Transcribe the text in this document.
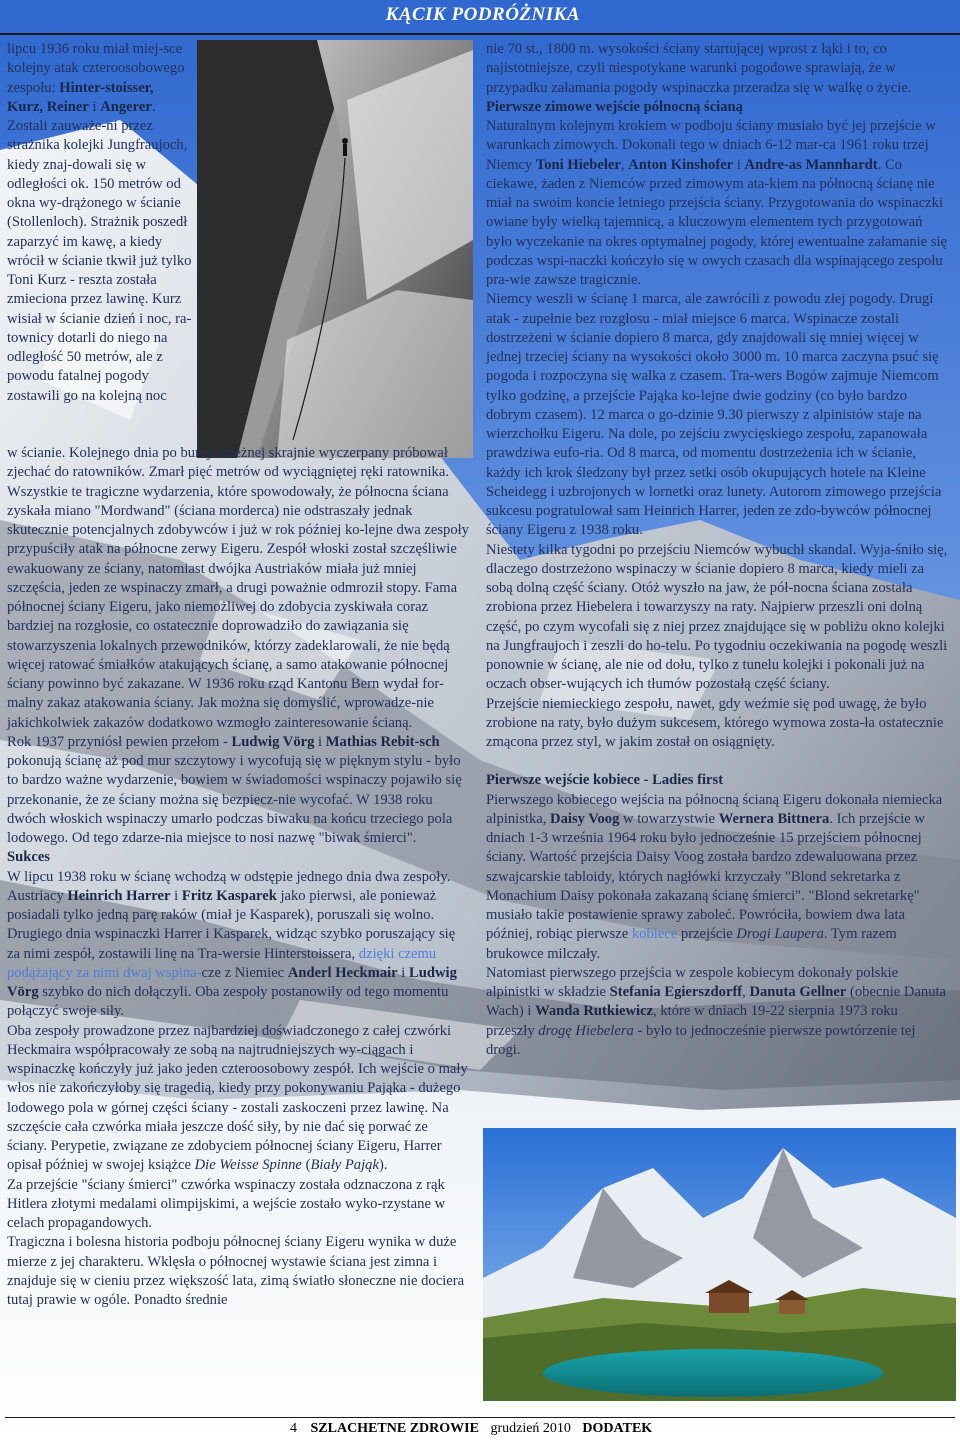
KĄCIK PODRÓŻNIKA

lipcu 1936 roku miał miej-sce kolejny atak czteroosobowego zespołu: Hinter-stoisser, Kurz, Reiner i Angerer. Zostali zauważe-ni przez strażnika kolejki Jungfraujoch, kiedy znaj-dowali się w odległości ok. 150 metrów od okna wy-drążonego w ścianie (Stollenloch). Strażnik poszedł zaparzyć im kawę, a kiedy wrócił w ścianie tkwił już tylko Toni Kurz - reszta została zmieciona przez lawinę. Kurz wisiał w ścianie dzień i noc, ra-townicy dotarli do niego na odległość 50 metrów, ale z powodu fatalnej pogody zostawili go na kolejną noc

w ścianie. Kolejnego dnia po burzy śnieżnej skrajnie wyczerpany próbował zjechać do ratowników. Zmarł pięć metrów od wyciągniętej ręki ratownika.

Wszystkie te tragiczne wydarzenia, które spowodowały, że północna ściana zyskała miano "Mordwand" (ściana morderca) nie odstraszały jednak skutecznie potencjalnych zdobywców i już w rok później ko-lejne dwa zespoły przypuściły atak na północne zerwy Eigeru. Zespół włoski został szczęśliwie ewakuowany ze ściany, natomiast dwójka Austriaków miała już mniej szczęścia, jeden ze wspinaczy zmarł, a drugi poważnie odmroził stopy. Fama północnej ściany Eigeru, jako niemożliwej do zdobycia zyskiwała coraz bardziej na rozgłosie, co ostatecznie doprowadziło do zawiązania się stowarzyszenia lokalnych przewodników, którzy zadeklarowali, że nie będą więcej ratować śmiałków atakujących ścianę, a samo atakowanie północnej ściany powinno być zakazane. W 1936 roku rząd Kantonu Bern wydał for-malny zakaz atakowania ściany. Jak można się domyślić, wprowadze-nie jakichkolwiek zakazów dodatkowo wzmogło zainteresowanie ścianą.

Rok 1937 przyniósł pewien przełom - Ludwig Vörg i Mathias Rebit-sch pokonują ścianę aż pod mur szczytowy i wycofują się w pięknym stylu - było to bardzo ważne wydarzenie, bowiem w świadomości wspinaczy pojawiło się przekonanie, że ze ściany można się bezpiecz-nie wycofać. W 1938 roku dwóch włoskich wspinaczy umarło podczas biwaku na końcu trzeciego pola lodowego. Od tego zdarze-nia miejsce to nosi nazwę "biwak śmierci".

Sukces

W lipcu 1938 roku w ścianę wchodzą w odstępie jednego dnia dwa zespoły. Austriacy Heinrich Harrer i Fritz Kasparek jako pierwsi, ale ponieważ posiadali tylko jedną parę raków (miał je Kasparek), poruszali się wolno. Drugiego dnia wspinaczki Harrer i Kasparek, widząc szybko poruszający się za nimi zespół, zostawili linę na Tra-wersie Hinterstoissera, dzięki czemu podążający za nimi dwaj wspina-cze z Niemiec Anderl Heckmair i Ludwig Vörg szybko do nich dołączyli. Oba zespoły postanowiły od tego momentu połączyć swoje siły.

Oba zespoły prowadzone przez najbardziej doświadczonego z całej czwórki Heckmaira współpracowały ze sobą na najtrudniejszych wy-ciągach i wspinaczkę kończyły już jako jeden czteroosobowy zespół. Ich wejście o mały włos nie zakończyłoby się tragedią, kiedy przy pokonywaniu Pająka - dużego lodowego pola w górnej części ściany - zostali zaskoczeni przez lawinę. Na szczęście cała czwórka miała jeszcze dość siły, by nie dać się porwać ze ściany. Perypetie, związane ze zdobyciem północnej ściany Eigeru, Harrer opisał później w swojej książce Die Weisse Spinne (Biały Pająk).

Za przejście "ściany śmierci" czwórka wspinaczy została odznaczona z rąk Hitlera złotymi medalami olimpijskimi, a wejście zostało wyko-rzystane w celach propagandowych.

Tragiczna i bolesna historia podboju północnej ściany Eigeru wynika w duże mierze z jej charakteru. Wklęsła o północnej wystawie ściana jest zimna i znajduje się w cieniu przez większość lata, zimą światło słoneczne nie dociera tutaj prawie w ogóle. Ponadto średnie

nie 70 st., 1800 m. wysokości ściany startującej wprost z łąki i to, co najistotniejsze, czyli niespotykane warunki pogodowe sprawiają, że w przypadku załamania pogody wspinaczka przeradza się w walkę o życie.

Pierwsze zimowe wejście północną ścianą

Naturalnym kolejnym krokiem w podboju ściany musiało być jej przejście w warunkach zimowych. Dokonali tego w dniach 6-12 mar-ca 1961 roku trzej Niemcy Toni Hiebeler, Anton Kinshofer i Andre-as Mannhardt. Co ciekawe, żaden z Niemców przed zimowym ata-kiem na północną ścianę nie miał na swoim koncie letniego przejścia ściany. Przygotowania do wspinaczki owiane były wielką tajemnicą, a kluczowym elementem tych przygotowań było wyczekanie na okres optymalnej pogody, której ewentualne załamanie się podczas wspi-naczki kończyło się w owych czasach dla wspinającego zespołu pra-wie zawsze tragicznie.

Niemcy weszli w ścianę 1 marca, ale zawrócili z powodu złej pogody. Drugi atak - zupełnie bez rozgłosu - miał miejsce 6 marca. Wspinacze zostali dostrzeżeni w ścianie dopiero 8 marca, gdy znajdowali się mniej więcej w jednej trzeciej ściany na wysokości około 3000 m. 10 marca zaczyna psuć się pogoda i rozpoczyna się walka z czasem. Tra-wers Bogów zajmuje Niemcom tylko godzinę, a przejście Pająka ko-lejne dwie godziny (co było bardzo dobrym czasem). 12 marca o go-dzinie 9.30 pierwszy z alpinistów staje na wierzchołku Eigeru. Na dole, po zejściu zwycięskiego zespołu, zapanowała prawdziwa eufo-ria. Od 8 marca, od momentu dostrzeżenia ich w ścianie, każdy ich krok śledzony był przez setki osób okupujących hotele na Kleine Scheidegg i uzbrojonych w lornetki oraz lunety. Autorom zimowego przejścia sukcesu pogratulował sam Heinrich Harrer, jeden ze zdo-bywców północnej ściany Eigeru z 1938 roku.

Niestety kilka tygodni po przejściu Niemców wybuchł skandal. Wyja-śniło się, dlaczego dostrzeżono wspinaczy w ścianie dopiero 8 marca, kiedy mieli za sobą dolną część ściany. Otóż wyszło na jaw, że pół-nocna ściana została zrobiona przez Hiebelera i towarzyszy na raty. Najpierw przeszli oni dolną część, po czym wycofali się z niej przez znajdujące się w pobliżu okno kolejki na Jungfraujoch i zeszli do ho-telu. Po tygodniu oczekiwania na pogodę weszli ponownie w ścianę, ale nie od dołu, tylko z tunelu kolejki i pokonali już na oczach obser-wujących ich tłumów pozostałą część ściany.

Przejście niemieckiego zespołu, nawet, gdy weźmie się pod uwagę, że było zrobione na raty, było dużym sukcesem, którego wymowa zosta-ła ostatecznie zmącona przez styl, w jakim został on osiągnięty.

Pierwsze wejście kobiece - Ladies first

Pierwszego kobiecego wejścia na północną ścianą Eigeru dokonała niemiecka alpinistka, Daisy Voog w towarzystwie Wernera Bittnera. Ich przejście w dniach 1-3 września 1964 roku było jednocześnie 15 przejściem północnej ściany. Wartość przejścia Daisy Voog została bardzo zdewaluowana przez szwajcarskie tabloidy, których nagłówki krzyczały "Blond sekretarka z Monachium Daisy pokonała zakazaną ścianę śmierci". "Blond sekretarkę" musiało takie postawienie sprawy zaboleć. Powróciła, bowiem dwa lata później, robiąc pierwsze kobiece przejście Drogi Laupera. Tym razem brukowce milczały.

Natomiast pierwszego przejścia w zespole kobiecym dokonały polskie alpinistki w składzie Stefania Egierszdorff, Danuta Gellner (obecnie Danuta Wach) i Wanda Rutkiewicz, które w dniach 19-22 sierpnia 1973 roku przeszły drogę Hiebelera - było to jednocześnie pierwsze powtórzenie tej drogi.

4 SZLACHETNE ZDROWIE grudzień 2010 DODATEK
